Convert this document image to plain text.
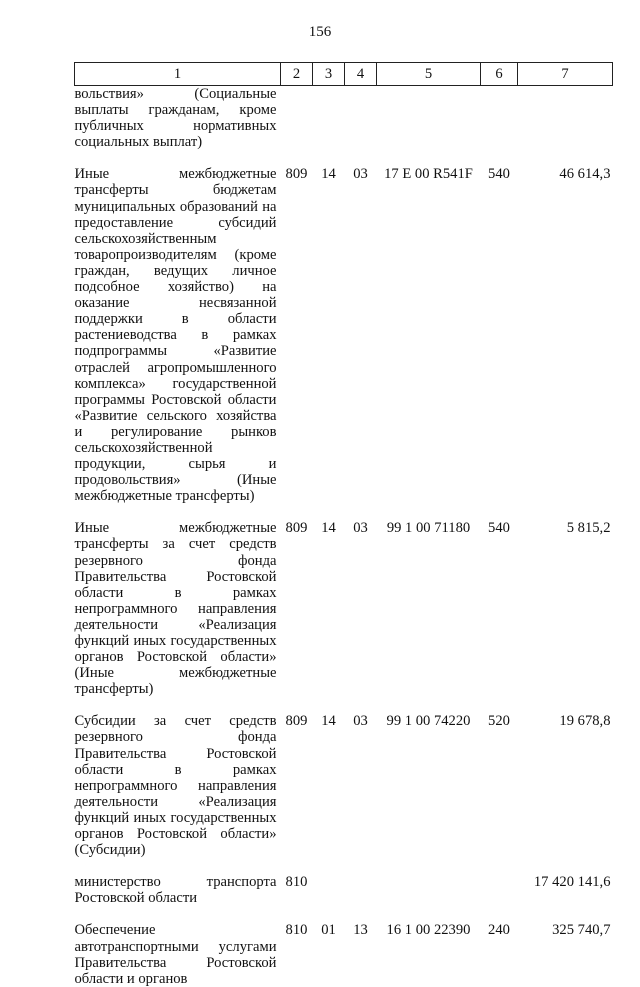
156
1	2	3	4	5	6	7
вольствия» (Социальные выплаты гражданам, кроме публичных нормативных социальных выплат)						

Иные межбюджетные трансферты бюджетам муниципальных образований на предоставление субсидий сельскохозяйственным товаропроизводителям (кроме граждан, ведущих личное подсобное хозяйство) на оказание несвязанной поддержки в области растениеводства в рамках подпрограммы «Развитие отраслей агропромышленного комплекса» государственной программы Ростовской области «Развитие сельского хозяйства и регулирование рынков сельскохозяйственной продукции, сырья и продовольствия» (Иные межбюджетные трансферты)	809	14	03	17 Е 00 R541F	540	46 614,3

Иные межбюджетные трансферты за счет средств резервного фонда Правительства Ростовской области в рамках непрограммного направления деятельности «Реализация функций иных государственных органов Ростовской области» (Иные межбюджетные трансферты)	809	14	03	99 1 00 71180	540	5 815,2

Субсидии за счет средств резервного фонда Правительства Ростовской области в рамках непрограммного направления деятельности «Реализация функций иных государственных органов Ростовской области» (Субсидии)	809	14	03	99 1 00 74220	520	19 678,8

министерство транспорта Ростовской области	810					17 420 141,6

Обеспечение автотранспортными услугами Правительства Ростовской области и органов	810	01	13	16 1 00 22390	240	325 740,7
